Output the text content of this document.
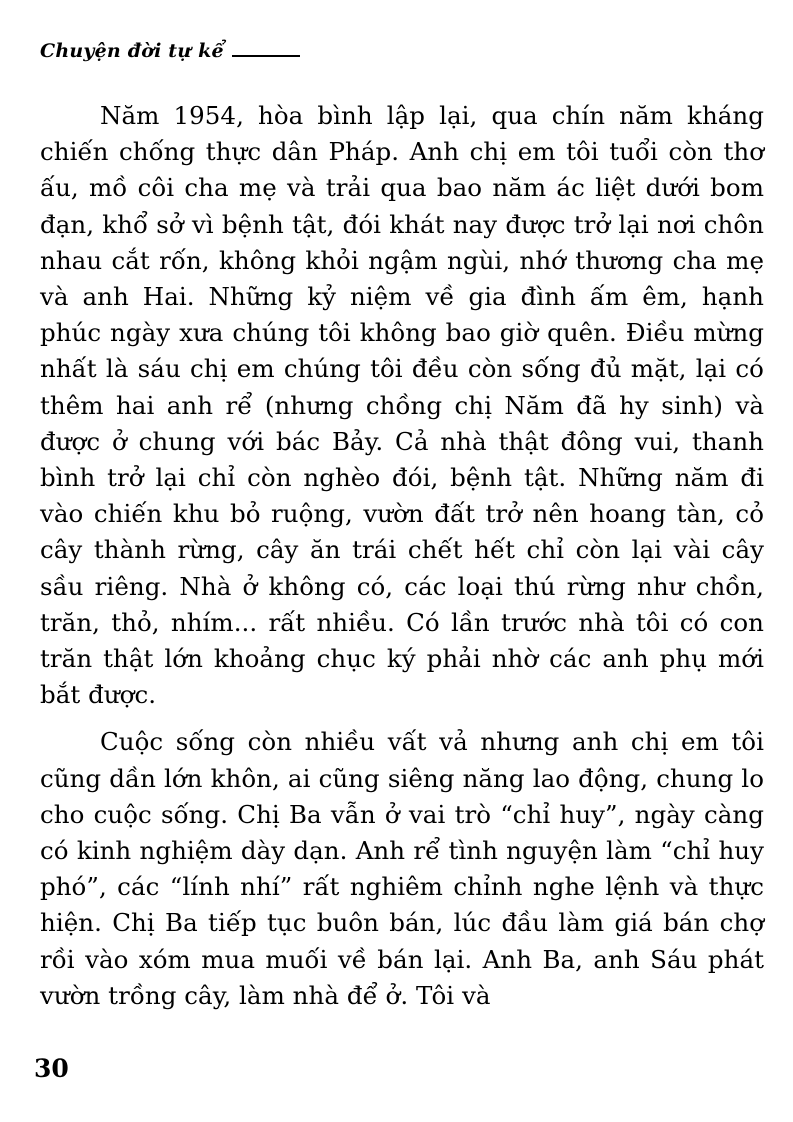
Chuyện đời tự kể

Năm 1954, hòa bình lập lại, qua chín năm kháng chiến chống thực dân Pháp. Anh chị em tôi tuổi còn thơ ấu, mồ côi cha mẹ và trải qua bao năm ác liệt dưới bom đạn, khổ sở vì bệnh tật, đói khát nay được trở lại nơi chôn nhau cắt rốn, không khỏi ngậm ngùi, nhớ thương cha mẹ và anh Hai. Những kỷ niệm về gia đình ấm êm, hạnh phúc ngày xưa chúng tôi không bao giờ quên. Điều mừng nhất là sáu chị em chúng tôi đều còn sống đủ mặt, lại có thêm hai anh rể (nhưng chồng chị Năm đã hy sinh) và được ở chung với bác Bảy. Cả nhà thật đông vui, thanh bình trở lại chỉ còn nghèo đói, bệnh tật. Những năm đi vào chiến khu bỏ ruộng, vườn đất trở nên hoang tàn, cỏ cây thành rừng, cây ăn trái chết hết chỉ còn lại vài cây sầu riêng. Nhà ở không có, các loại thú rừng như chồn, trăn, thỏ, nhím... rất nhiều. Có lần trước nhà tôi có con trăn thật lớn khoảng chục ký phải nhờ các anh phụ mới bắt được.

Cuộc sống còn nhiều vất vả nhưng anh chị em tôi cũng dần lớn khôn, ai cũng siêng năng lao động, chung lo cho cuộc sống. Chị Ba vẫn ở vai trò “chỉ huy”, ngày càng có kinh nghiệm dày dạn. Anh rể tình nguyện làm “chỉ huy phó”, các “lính nhí” rất nghiêm chỉnh nghe lệnh và thực hiện. Chị Ba tiếp tục buôn bán, lúc đầu làm giá bán chợ rồi vào xóm mua muối về bán lại. Anh Ba, anh Sáu phát vườn trồng cây, làm nhà để ở. Tôi và

30
